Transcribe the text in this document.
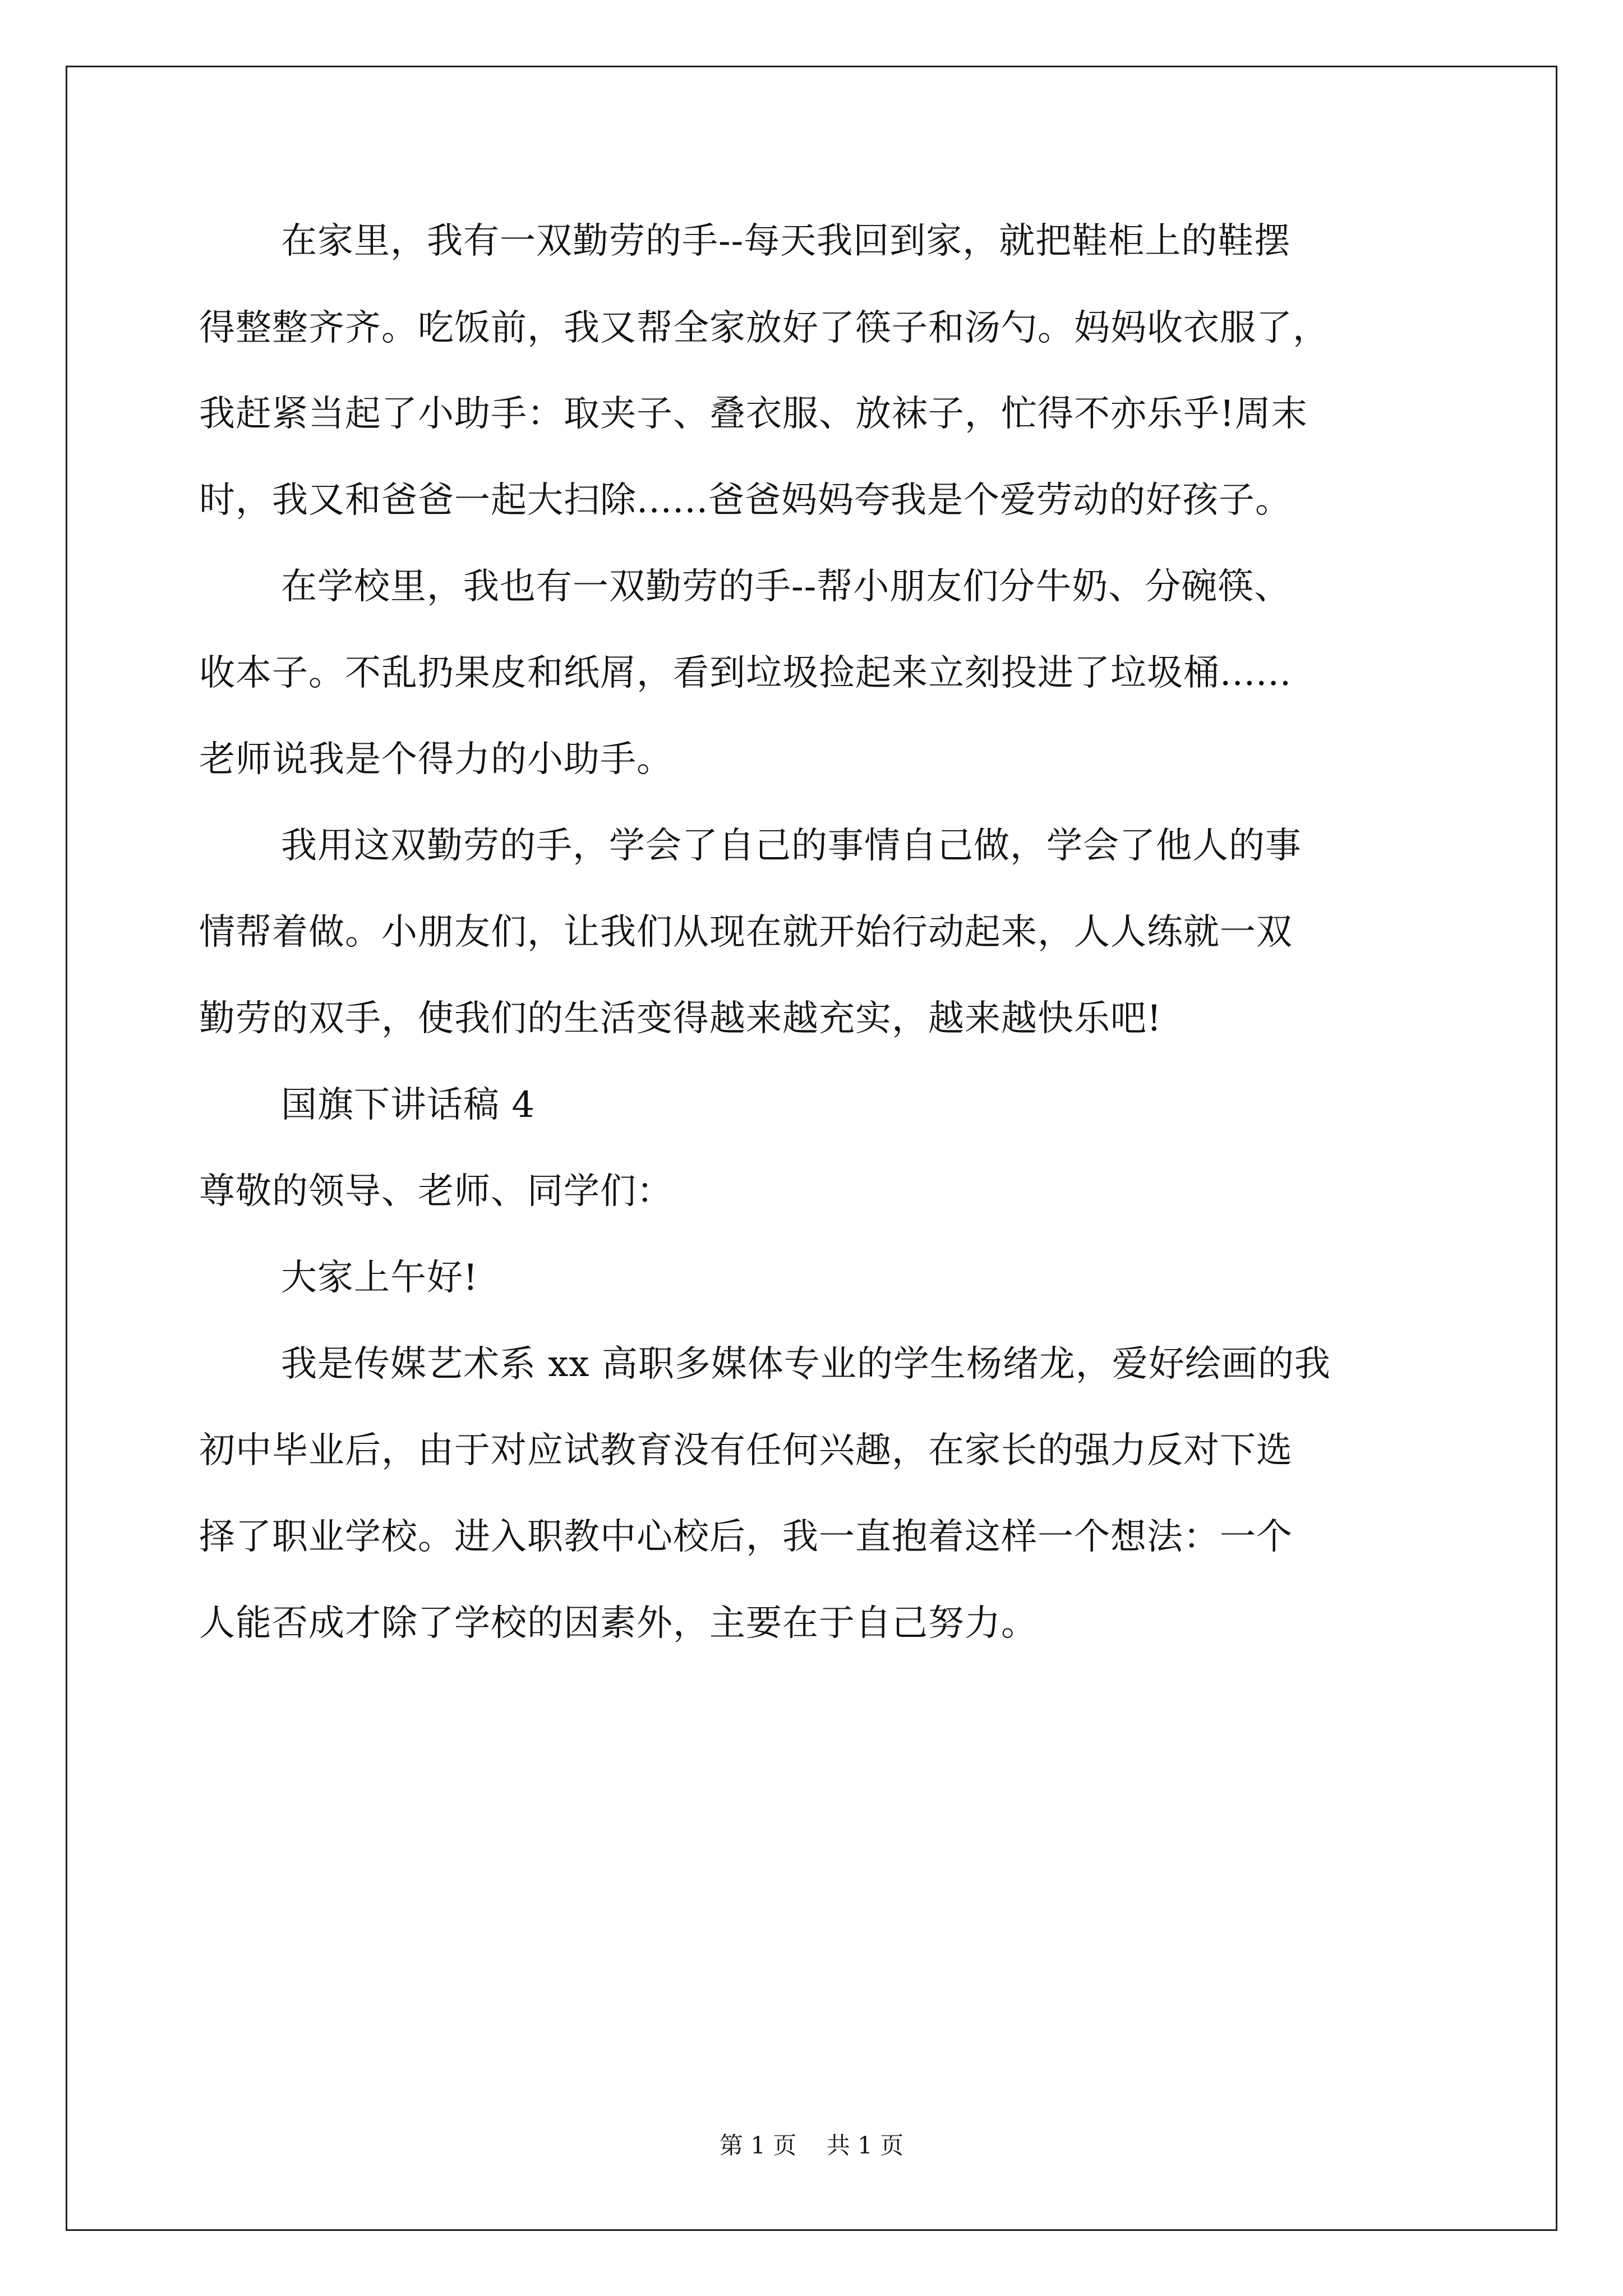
在家里，我有一双勤劳的手--每天我回到家，就把鞋柜上的鞋摆
得整整齐齐。吃饭前，我又帮全家放好了筷子和汤勺。妈妈收衣服了，
我赶紧当起了小助手：取夹子、叠衣服、放袜子，忙得不亦乐乎!周末
时，我又和爸爸一起大扫除......爸爸妈妈夸我是个爱劳动的好孩子。
在学校里，我也有一双勤劳的手--帮小朋友们分牛奶、分碗筷、
收本子。不乱扔果皮和纸屑，看到垃圾捡起来立刻投进了垃圾桶......
老师说我是个得力的小助手。
我用这双勤劳的手，学会了自己的事情自己做，学会了他人的事
情帮着做。小朋友们，让我们从现在就开始行动起来，人人练就一双
勤劳的双手，使我们的生活变得越来越充实，越来越快乐吧!
国旗下讲话稿 4
尊敬的领导、老师、同学们：
大家上午好!
我是传媒艺术系 xx 高职多媒体专业的学生杨绪龙，爱好绘画的我
初中毕业后，由于对应试教育没有任何兴趣，在家长的强力反对下选
择了职业学校。进入职教中心校后，我一直抱着这样一个想法：一个
人能否成才除了学校的因素外，主要在于自己努力。
第 1 页    共 1 页
